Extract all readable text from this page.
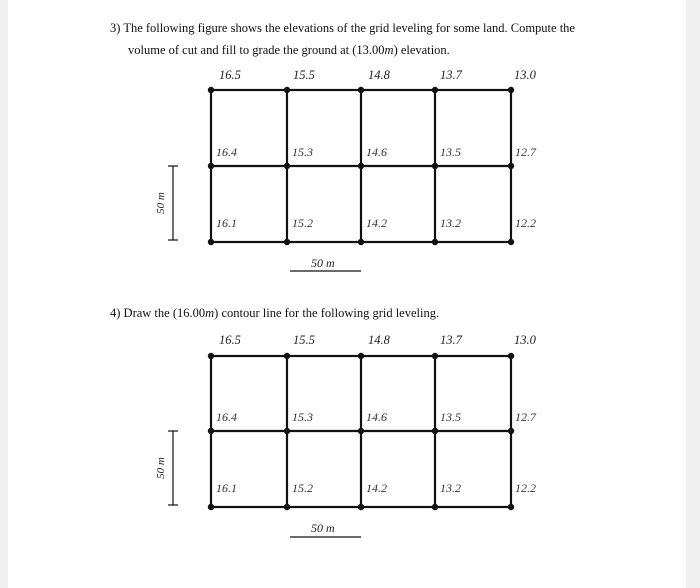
3) The following figure shows the elevations of the grid leveling for some land. Compute the
volume of cut and fill to grade the ground at (13.00m) elevation.
16.5	15.5	14.8	13.7	13.0
16.4	15.3	14.6	13.5	12.7
16.1	15.2	14.2	13.2	12.2
50 m
50 m
4) Draw the (16.00m) contour line for the following grid leveling.
16.5	15.5	14.8	13.7	13.0
16.4	15.3	14.6	13.5	12.7
16.1	15.2	14.2	13.2	12.2
50 m
50 m
